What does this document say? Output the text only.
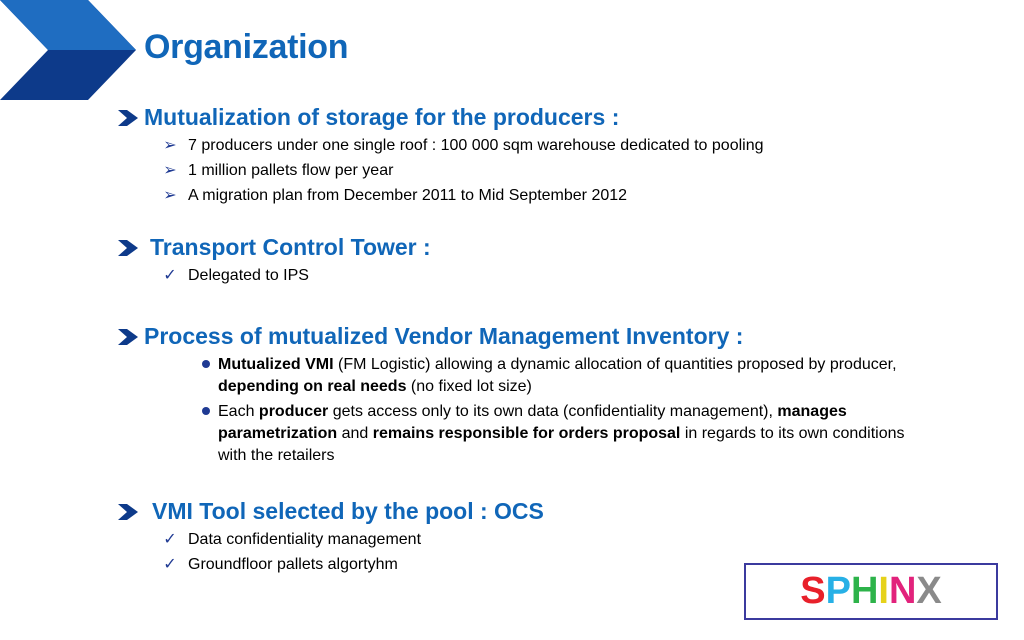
Organization
Mutualization of storage for the producers :
➢ 7 producers under one single roof : 100 000 sqm warehouse dedicated to pooling
➢ 1 million pallets flow per year
➢ A migration plan from December 2011 to Mid September 2012
Transport Control Tower :
✓ Delegated to IPS
Process of mutualized Vendor Management Inventory :
Mutualized VMI (FM Logistic) allowing a dynamic allocation of quantities proposed by producer, depending on real needs (no fixed lot size)
Each producer gets access only to its own data (confidentiality management), manages parametrization and remains responsible for orders proposal in regards to its own conditions with the retailers
VMI Tool selected by the pool : OCS
✓ Data confidentiality management
✓ Groundfloor pallets algortyhm
S P H I N X
